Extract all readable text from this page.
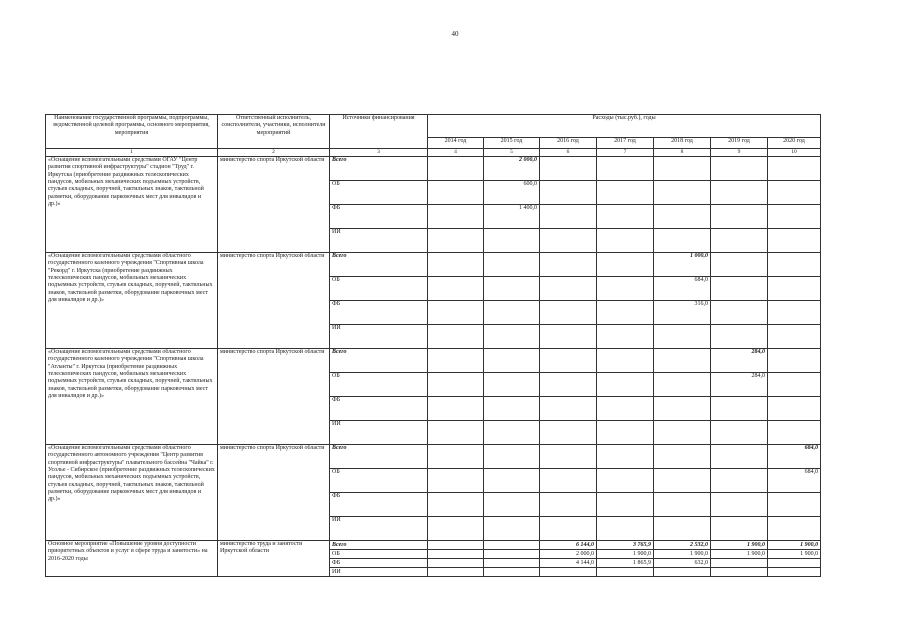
40
Наименование государственной программы, подпрограммы, ведомственной целевой программы, основного мероприятия, мероприятия	Ответственный исполнитель, соисполнители, участники, исполнители мероприятий	Источники финансирования	Расходы (тыс.руб.), годы						
			2014 год	2015 год	2016 год	2017 год	2018 год	2019 год	2020 год
1	2	3	4	5	6	7	8	9	10
«Оснащение вспомогательными средствами ОГАУ "Центр развития спортивной инфраструктуры" стадион "Труд" г. Иркутска (приобретение раздвижных телескопических пандусов, мобильных механических подъемных устройств, стульев складных, поручней, тактильных знаков, тактильной разметки, оборудование парковочных мест для инвалидов и др.)»	министерство спорта Иркутской области	Всего		2 000,0					
		ОБ		600,0					
		ФБ		1 400,0					
		ИИ							
«Оснащение вспомогательными средствами областного государственного казенного учреждения "Спортивная школа "Рекорд" г. Иркутска (приобретение раздвижных телескопических пандусов, мобильных механических подъемных устройств, стульев складных, поручней, тактильных знаков, тактильной разметки, оборудование парковочных мест для инвалидов и др.)»	министерство спорта Иркутской области	Всего					1 000,0		
		ОБ					684,0		
		ФБ					316,0		
		ИИ							
«Оснащение вспомогательными средствами областного государственного казенного учреждения "Спортивная школа "Атланты" г. Иркутска (приобретение раздвижных телескопических пандусов, мобильных механических подъемных устройств, стульев складных, поручней, тактильных знаков, тактильной разметки, оборудование парковочных мест для инвалидов и др.)»	министерство спорта Иркутской области	Всего						284,0	
		ОБ						284,0	
		ФБ							
		ИИ							
«Оснащение вспомогательными средствами областного государственного автономного учреждения "Центр развития спортивной инфраструктуры" плавательного бассейна "Чайка" г. Усолье - Сибирское (приобретение раздвижных телескопических пандусов, мобильных механических подъемных устройств, стульев складных, поручней, тактильных знаков, тактильной разметки, оборудование парковочных мест для инвалидов и др.)»	министерство спорта Иркутской области	Всего							684,0
		ОБ							684,0
		ФБ							
		ИИ							
Основное мероприятие «Повышение уровня доступности приоритетных объектов и услуг в сфере труда и занятости» на 2016-2020 годы	министерство труда и занятости Иркутской области	Всего			6 144,0	3 765,9	2 532,0	1 900,0	1 900,0
		ОБ			2 000,0	1 900,0	1 900,0	1 900,0	1 900,0
		ФБ			4 144,0	1 865,9	632,0		
		ИИ							
